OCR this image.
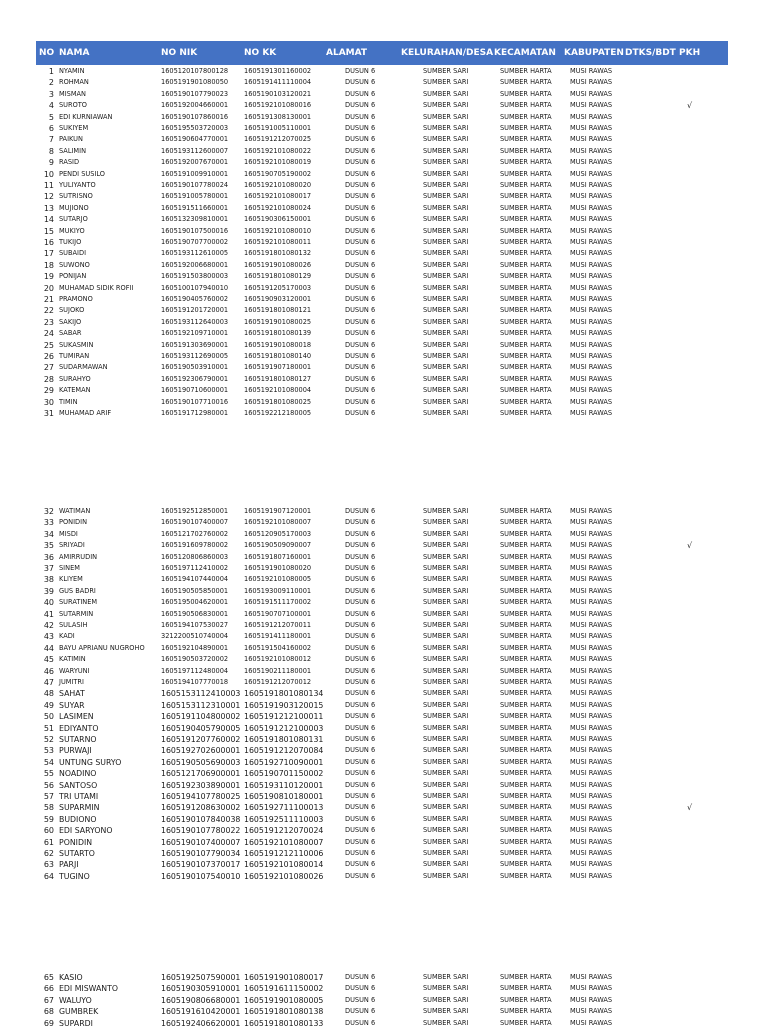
NO NAMA	NO NIK	NO KK	ALAMAT	KELURAHAN/DESA KECAMATAN KABUPATEN DTKS/BDT PKH
1 NYAMIN	1605120107800128 1605191301160002	DUSUN 6	SUMBER SARI	SUMBER HARTA	MUSI RAWAS
2 ROHMAN	1605191901080050 1605191411110004	DUSUN 6	SUMBER SARI	SUMBER HARTA	MUSI RAWAS
3 MISMAN	1605190107790023 1605190103120021	DUSUN 6	SUMBER SARI	SUMBER HARTA	MUSI RAWAS
4 SUROTO	1605192004660001 1605192101080016	DUSUN 6	SUMBER SARI	SUMBER HARTA	MUSI RAWAS	√
5 EDI KURNIAWAN	1605190107860016 1605191308130001	DUSUN 6	SUMBER SARI	SUMBER HARTA	MUSI RAWAS
6 SUKIYEM	1605195503720003 1605191005110001	DUSUN 6	SUMBER SARI	SUMBER HARTA	MUSI RAWAS
7 PAIKUN	1605190604770001 1605191212070025	DUSUN 6	SUMBER SARI	SUMBER HARTA	MUSI RAWAS
8 SALIMIN	1605193112600007 1605192101080022	DUSUN 6	SUMBER SARI	SUMBER HARTA	MUSI RAWAS
9 RASID	1605192007670001 1605192101080019	DUSUN 6	SUMBER SARI	SUMBER HARTA	MUSI RAWAS
10 PENDI SUSILO	1605191009910001 1605190705190002	DUSUN 6	SUMBER SARI	SUMBER HARTA	MUSI RAWAS
11 YULIYANTO	1605190107780024 1605192101080020	DUSUN 6	SUMBER SARI	SUMBER HARTA	MUSI RAWAS
12 SUTRISNO	1605191005780001 1605192101080017	DUSUN 6	SUMBER SARI	SUMBER HARTA	MUSI RAWAS
13 MUJIONO	1605191511660001 1605192101080024	DUSUN 6	SUMBER SARI	SUMBER HARTA	MUSI RAWAS
14 SUTARJO	1605132309810001 1605190306150001	DUSUN 6	SUMBER SARI	SUMBER HARTA	MUSI RAWAS
15 MUKIYO	1605190107500016 1605192101080010	DUSUN 6	SUMBER SARI	SUMBER HARTA	MUSI RAWAS
16 TUKIJO	1605190707700002 1605192101080011	DUSUN 6	SUMBER SARI	SUMBER HARTA	MUSI RAWAS
17 SUBAIDI	1605193112610005 1605191801080132	DUSUN 6	SUMBER SARI	SUMBER HARTA	MUSI RAWAS
18 SUWONO	1605192006680001 1605191901080026	DUSUN 6	SUMBER SARI	SUMBER HARTA	MUSI RAWAS
19 PONIJAN	1605191503800003 1605191801080129	DUSUN 6	SUMBER SARI	SUMBER HARTA	MUSI RAWAS
20 MUHAMAD SIDIK ROFII	1605100107940010 1605191205170003	DUSUN 6	SUMBER SARI	SUMBER HARTA	MUSI RAWAS
21 PRAMONO	1605190405760002 1605190903120001	DUSUN 6	SUMBER SARI	SUMBER HARTA	MUSI RAWAS
22 SUJOKO	1605191201720001 1605191801080121	DUSUN 6	SUMBER SARI	SUMBER HARTA	MUSI RAWAS
23 SAKIJO	1605193112640003 1605191901080025	DUSUN 6	SUMBER SARI	SUMBER HARTA	MUSI RAWAS
24 SABAR	1605192109710001 1605191801080139	DUSUN 6	SUMBER SARI	SUMBER HARTA	MUSI RAWAS
25 SUKASMIN	1605191303690001 1605191901080018	DUSUN 6	SUMBER SARI	SUMBER HARTA	MUSI RAWAS
26 TUMIRAN	1605193112690005 1605191801080140	DUSUN 6	SUMBER SARI	SUMBER HARTA	MUSI RAWAS
27 SUDARMAWAN	1605190503910001 1605191907180001	DUSUN 6	SUMBER SARI	SUMBER HARTA	MUSI RAWAS
28 SURAHYO	1605192306790001 1605191801080127	DUSUN 6	SUMBER SARI	SUMBER HARTA	MUSI RAWAS
29 KATEMAN	1605190710600001 1605192101080004	DUSUN 6	SUMBER SARI	SUMBER HARTA	MUSI RAWAS
30 TIMIN	1605190107710016 1605191801080025	DUSUN 6	SUMBER SARI	SUMBER HARTA	MUSI RAWAS
31 MUHAMAD ARIF	1605191712980001 1605192212180005	DUSUN 6	SUMBER SARI	SUMBER HARTA	MUSI RAWAS
32 WATIMAN	1605192512850001 1605191907120001	DUSUN 6	SUMBER SARI	SUMBER HARTA	MUSI RAWAS
33 PONIDIN	1605190107400007 1605192101080007	DUSUN 6	SUMBER SARI	SUMBER HARTA	MUSI RAWAS
34 MISDI	1605121702760002 1605120905170003	DUSUN 6	SUMBER SARI	SUMBER HARTA	MUSI RAWAS
35 SRIYADI	1605191609780002 1605190509090007	DUSUN 6	SUMBER SARI	SUMBER HARTA	MUSI RAWAS	√
36 AMIRRUDIN	1605120806860003 1605191807160001	DUSUN 6	SUMBER SARI	SUMBER HARTA	MUSI RAWAS
37 SINEM	1605197112410002 1605191901080020	DUSUN 6	SUMBER SARI	SUMBER HARTA	MUSI RAWAS
38 KLIYEM	1605194107440004 1605192101080005	DUSUN 6	SUMBER SARI	SUMBER HARTA	MUSI RAWAS
39 GUS BADRI	1605190505850001 1605193009110001	DUSUN 6	SUMBER SARI	SUMBER HARTA	MUSI RAWAS
40 SURATINEM	1605195004620001 1605191511170002	DUSUN 6	SUMBER SARI	SUMBER HARTA	MUSI RAWAS
41 SUTARMIN	1605190506830001 1605190707100001	DUSUN 6	SUMBER SARI	SUMBER HARTA	MUSI RAWAS
42 SULASIH	1605194107530027 1605191212070011	DUSUN 6	SUMBER SARI	SUMBER HARTA	MUSI RAWAS
43 KADI	3212200510740004 1605191411180001	DUSUN 6	SUMBER SARI	SUMBER HARTA	MUSI RAWAS
44 BAYU APRIANU NUGROHO 1605192104890001 1605191504160002	DUSUN 6	SUMBER SARI	SUMBER HARTA	MUSI RAWAS
45 KATIMIN	1605190503720002 1605192101080012	DUSUN 6	SUMBER SARI	SUMBER HARTA	MUSI RAWAS
46 WARYUNI	1605197112480004 1605190211180001	DUSUN 6	SUMBER SARI	SUMBER HARTA	MUSI RAWAS
47 JUMITRI	1605194107770018 1605191212070012	DUSUN 6	SUMBER SARI	SUMBER HARTA	MUSI RAWAS
48 SAHAT	1605153112410003 1605191801080134	DUSUN 6	SUMBER SARI	SUMBER HARTA	MUSI RAWAS
49 SUYAR	1605153112310001 1605191903120015	DUSUN 6	SUMBER SARI	SUMBER HARTA	MUSI RAWAS
50 LASIMEN	1605191104800002 1605191212100011	DUSUN 6	SUMBER SARI	SUMBER HARTA	MUSI RAWAS
51 EDIYANTO	1605190405790005 1605191212100003	DUSUN 6	SUMBER SARI	SUMBER HARTA	MUSI RAWAS
52 SUTARNO	1605191207760002 1605191801080131	DUSUN 6	SUMBER SARI	SUMBER HARTA	MUSI RAWAS
53 PURWAJI	1605192702600001 1605191212070084	DUSUN 6	SUMBER SARI	SUMBER HARTA	MUSI RAWAS
54 UNTUNG SURYO	1605190505690003 1605192710090001	DUSUN 6	SUMBER SARI	SUMBER HARTA	MUSI RAWAS
55 NOADINO	1605121706900001 1605190701150002	DUSUN 6	SUMBER SARI	SUMBER HARTA	MUSI RAWAS
56 SANTOSO	1605192303890001 1605193110120001	DUSUN 6	SUMBER SARI	SUMBER HARTA	MUSI RAWAS
57 TRI UTAMI	1605194107780025 1605190810180001	DUSUN 6	SUMBER SARI	SUMBER HARTA	MUSI RAWAS
58 SUPARMIN	1605191208630002 1605192711100013	DUSUN 6	SUMBER SARI	SUMBER HARTA	MUSI RAWAS	√
59 BUDIONO	1605190107840038 1605192511110003	DUSUN 6	SUMBER SARI	SUMBER HARTA	MUSI RAWAS
60 EDI SARYONO	1605190107780022 1605191212070024	DUSUN 6	SUMBER SARI	SUMBER HARTA	MUSI RAWAS
61 PONIDIN	1605190107400007 1605192101080007	DUSUN 6	SUMBER SARI	SUMBER HARTA	MUSI RAWAS
62 SUTARTO	1605190107790034 1605191212110006	DUSUN 6	SUMBER SARI	SUMBER HARTA	MUSI RAWAS
63 PARJI	1605190107370017 1605192101080014	DUSUN 6	SUMBER SARI	SUMBER HARTA	MUSI RAWAS
64 TUGINO	1605190107540010 1605192101080026	DUSUN 6	SUMBER SARI	SUMBER HARTA	MUSI RAWAS
65 KASIO	1605192507590001 1605191901080017	DUSUN 6	SUMBER SARI	SUMBER HARTA	MUSI RAWAS
66 EDI MISWANTO	1605190305910001 1605191611150002	DUSUN 6	SUMBER SARI	SUMBER HARTA	MUSI RAWAS
67 WALUYO	1605190806680001 1605191901080005	DUSUN 6	SUMBER SARI	SUMBER HARTA	MUSI RAWAS
68 GUMBREK	1605191610420001 1605191801080138	DUSUN 6	SUMBER SARI	SUMBER HARTA	MUSI RAWAS
69 SUPARDI	1605192406620001 1605191801080133	DUSUN 6	SUMBER SARI	SUMBER HARTA	MUSI RAWAS
